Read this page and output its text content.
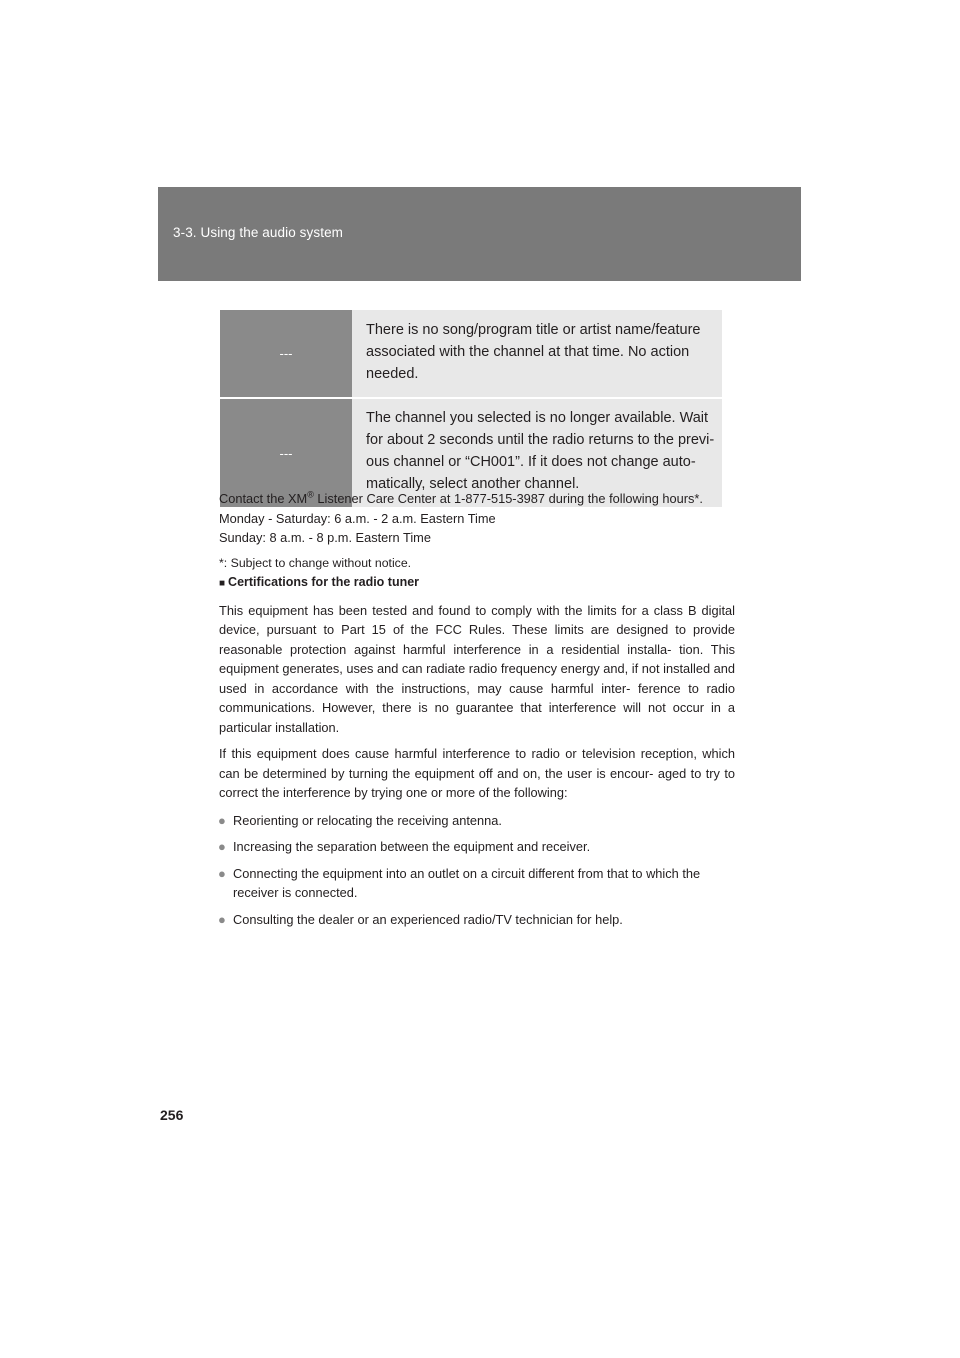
3-3. Using the audio system
---	There is no song/program title or artist name/feature associated with the channel at that time. No action needed.
---	The channel you selected is no longer available. Wait for about 2 seconds until the radio returns to the previ- ous channel or “CH001”. If it does not change auto- matically, select another channel.

Contact the XM® Listener Care Center at 1-877-515-3987 during the following hours*.

Monday - Saturday: 6 a.m. - 2 a.m. Eastern Time

Sunday: 8 a.m. - 8 p.m. Eastern Time

*: Subject to change without notice.

■ Certifications for the radio tuner

This equipment has been tested and found to comply with the limits for a class B digital device, pursuant to Part 15 of the FCC Rules. These limits are designed to provide reasonable protection against harmful interference in a residential installa- tion. This equipment generates, uses and can radiate radio frequency energy and, if not installed and used in accordance with the instructions, may cause harmful inter- ference to radio communications. However, there is no guarantee that interference will not occur in a particular installation.

If this equipment does cause harmful interference to radio or television reception, which can be determined by turning the equipment off and on, the user is encour- aged to try to correct the interference by trying one or more of the following:

● Reorienting or relocating the receiving antenna.
● Increasing the separation between the equipment and receiver.
● Connecting the equipment into an outlet on a circuit different from that to which the receiver is connected.
● Consulting the dealer or an experienced radio/TV technician for help.
256
